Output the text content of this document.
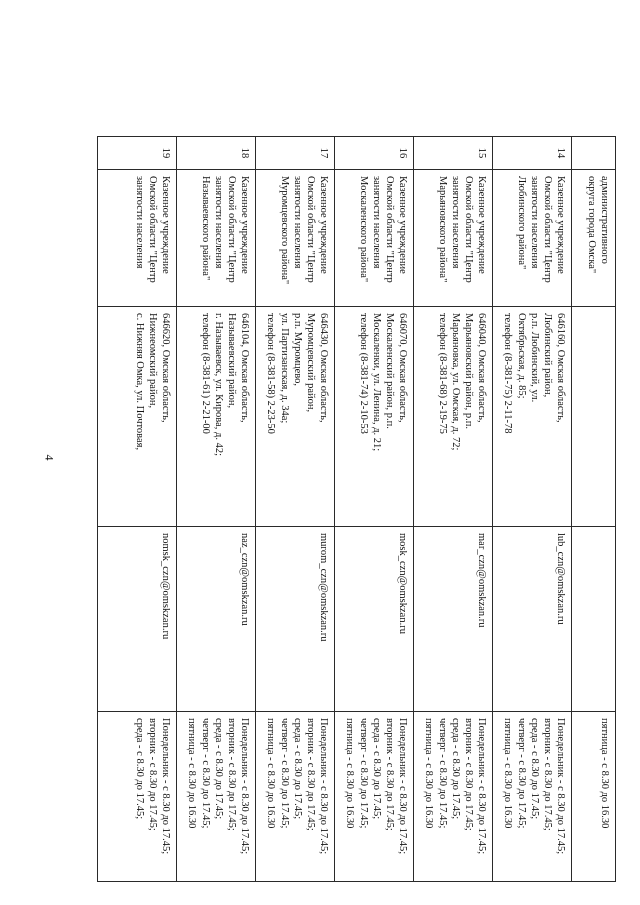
4
	административного
округа города Омска"			пятница - с 8.30 до 16.30
14	Казенное учреждение
Омской области "Центр
занятости населения
Любинского района"	646160, Омская область,
Любинский район,
р.п. Любинский, ул.
Октябрьская, д. 85;
телефон (8-381-75) 2-11-78	lub_czn@omskzan.ru	Понедельник - с 8.30 до 17.45;
вторник - с 8.30 до 17.45;
среда - с 8.30 до 17.45;
четверг - с 8.30 до 17.45;
пятница - с 8.30 до 16.30
15	Казенное учреждение
Омской области "Центр
занятости населения
Марьяновского района"	646040, Омская область,
Марьяновский район, р.п.
Марьяновка, ул. Омская, д. 72;
телефон (8-381-68) 2-19-75	mar_czn@omskzan.ru	Понедельник - с 8.30 до 17.45;
вторник - с 8.30 до 17.45;
среда - с 8.30 до 17.45;
четверг - с 8.30 до 17.45;
пятница - с 8.30 до 16.30
16	Казенное учреждение
Омской области "Центр
занятости населения
Москаленского района"	646070, Омская область,
Москаленский район, р.п.
Москаленки, ул. Ленина, д. 21;
телефон (8-381-74) 2-10-53	mosk_czn@omskzan.ru	Понедельник - с 8.30 до 17.45;
вторник - с 8.30 до 17.45;
среда - с 8.30 до 17.45;
четверг - с 8.30 до 17.45;
пятница - с 8.30 до 16.30
17	Казенное учреждение
Омской области "Центр
занятости населения
Муромцевского района"	646430, Омская область,
Муромцевский район,
р.п. Муромцево,
ул. Партизанская, д. 34а;
телефон (8-381-58) 2-23-50	murom_czn@omskzan.ru	Понедельник - с 8.30 до 17.45;
вторник - с 8.30 до 17.45;
среда - с 8.30 до 17.45;
четверг - с 8.30 до 17.45;
пятница - с 8.30 до 16.30
18	Казенное учреждение
Омской области "Центр
занятости населения
Называевского района"	646104, Омская область,
Называевский район,
г. Называевск, ул. Кирова, д. 42;
телефон (8-381-61) 2-21-00	naz_czn@omskzan.ru	Понедельник - с 8.30 до 17.45;
вторник - с 8.30 до 17.45;
среда - с 8.30 до 17.45;
четверг - с 8.30 до 17.45;
пятница - с 8.30 до 16.30
19	Казенное учреждение
Омской области "Центр
занятости населения	646620, Омская область,
Нижнеомский район,
с. Нижняя Омка, ул. Почтовая,	nomsk_czn@omskzan.ru	Понедельник - с 8.30 до 17.45;
вторник - с 8.30 до 17.45;
среда - с 8.30 до 17.45;
